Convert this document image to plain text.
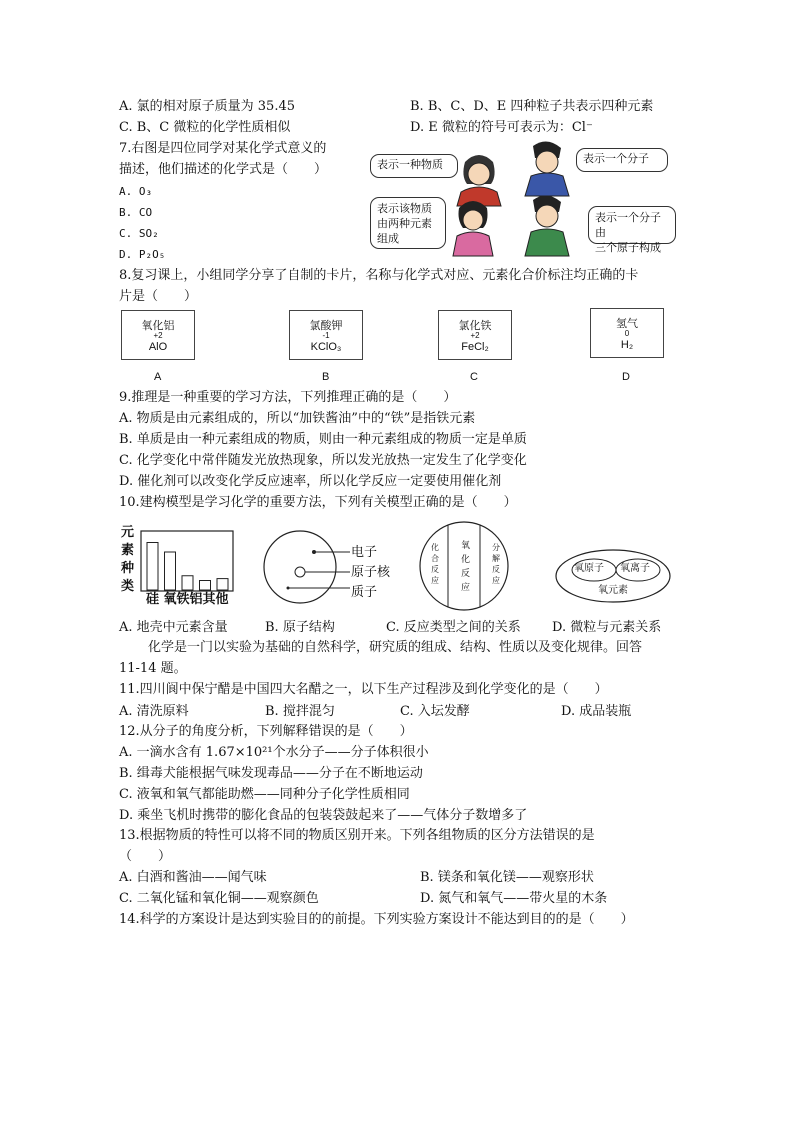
A. 氯的相对原子质量为 35.45	B. B、C、D、E 四种粒子共表示四种元素
C. B、C 微粒的化学性质相似	D. E 微粒的符号可表示为：Cl⁻
7.右图是四位同学对某化学式意义的
描述，他们描述的化学式是（　　）
A. O₃
B. CO
C. SO₂
D. P₂O₅
表示一种物质	表示一个分子
表示该物质
由两种元素
组成
表示一个分子由
三个原子构成
8.复习课上，小组同学分享了自制的卡片，名称与化学式对应、元素化合价标注均正确的卡
片是（　　）
氧化铝
+2
AlO
氯酸钾
-1
KClO₃
氯化铁
+2
FeCl₂
氢气
0
H₂
A	B	C	D
9.推理是一种重要的学习方法，下列推理正确的是（　　）
A. 物质是由元素组成的，所以“加铁酱油”中的“铁”是指铁元素
B. 单质是由一种元素组成的物质，则由一种元素组成的物质一定是单质
C. 化学变化中常伴随发光放热现象，所以发光放热一定发生了化学变化
D. 催化剂可以改变化学反应速率，所以化学反应一定要使用催化剂
10.建构模型是学习化学的重要方法，下列有关模型正确的是（　　）
元
素
种
类
硅 氧铁铝其他
电子
原子核
质子
化
合
反
应
氧
化
反
应
分
解
反
应
氧原子 氧离子
氧元素
A. 地壳中元素含量	B. 原子结构	C. 反应类型之间的关系 D. 微粒与元素关系
化学是一门以实验为基础的自然科学，研究质的组成、结构、性质以及变化规律。回答
11-14 题。
11.四川阆中保宁醋是中国四大名醋之一，以下生产过程涉及到化学变化的是（　　）
A. 清洗原料	B. 搅拌混匀	C. 入坛发酵	D. 成品装瓶
12.从分子的角度分析，下列解释错误的是（　　）
A. 一滴水含有 1.67×10²¹个水分子——分子体积很小
B. 缉毒犬能根据气味发现毒品——分子在不断地运动
C. 液氧和氧气都能助燃——同种分子化学性质相同
D. 乘坐飞机时携带的膨化食品的包装袋鼓起来了——气体分子数增多了
13.根据物质的特性可以将不同的物质区别开来。下列各组物质的区分方法错误的是
（　　）
A. 白酒和酱油——闻气味	B. 镁条和氧化镁——观察形状
C. 二氧化锰和氧化铜——观察颜色	D. 氮气和氧气——带火星的木条
14.科学的方案设计是达到实验目的的前提。下列实验方案设计不能达到目的的是（　　）
